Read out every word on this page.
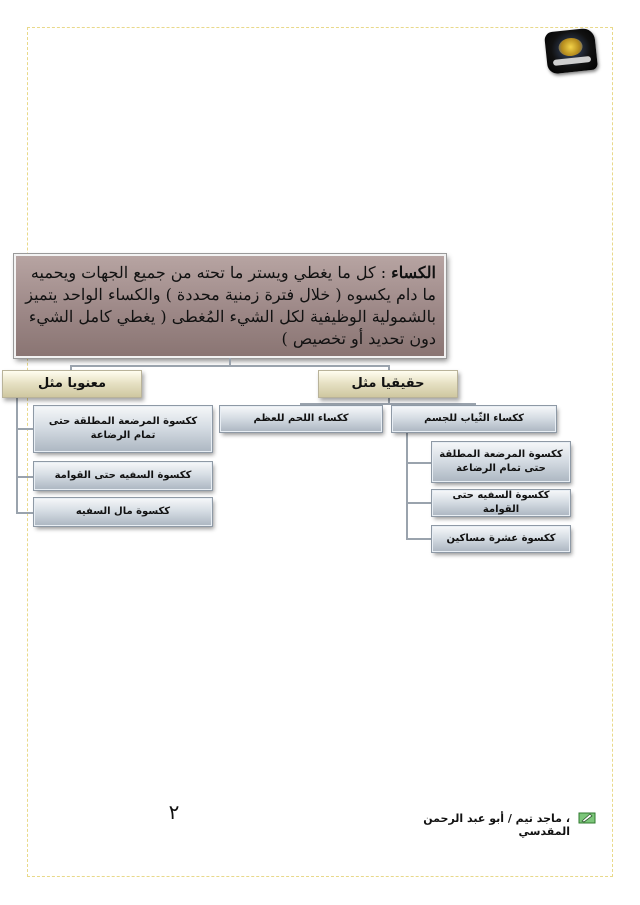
الكساء : كل ما يغطي ويستر ما تحته من جميع الجهات ويحميه ما دام يكسوه ( خلال فترة زمنية محددة ) والكساء الواحد يتميز بالشمولية الوظيفية لكل الشيء المُغطى ( يغطي كامل الشيء دون تحديد أو تخصيص )
حقيقيا مثل
معنويا مثل
ككساء الثّياب للجسم
ككساء اللحم للعظم
ككسوة المرضعة المطلقة حتى تمام الرضاعة
ككسوة السفيه حتى القوامة
ككسوة عشرة مساكين
ككسوة المرضعة المطلقة حتى تمام الرضاعة
ككسوة السفيه حتى القوامة
ككسوة مال السفيه
٢	، ماجد تيم / أبو عبد الرحمن المقدسي
